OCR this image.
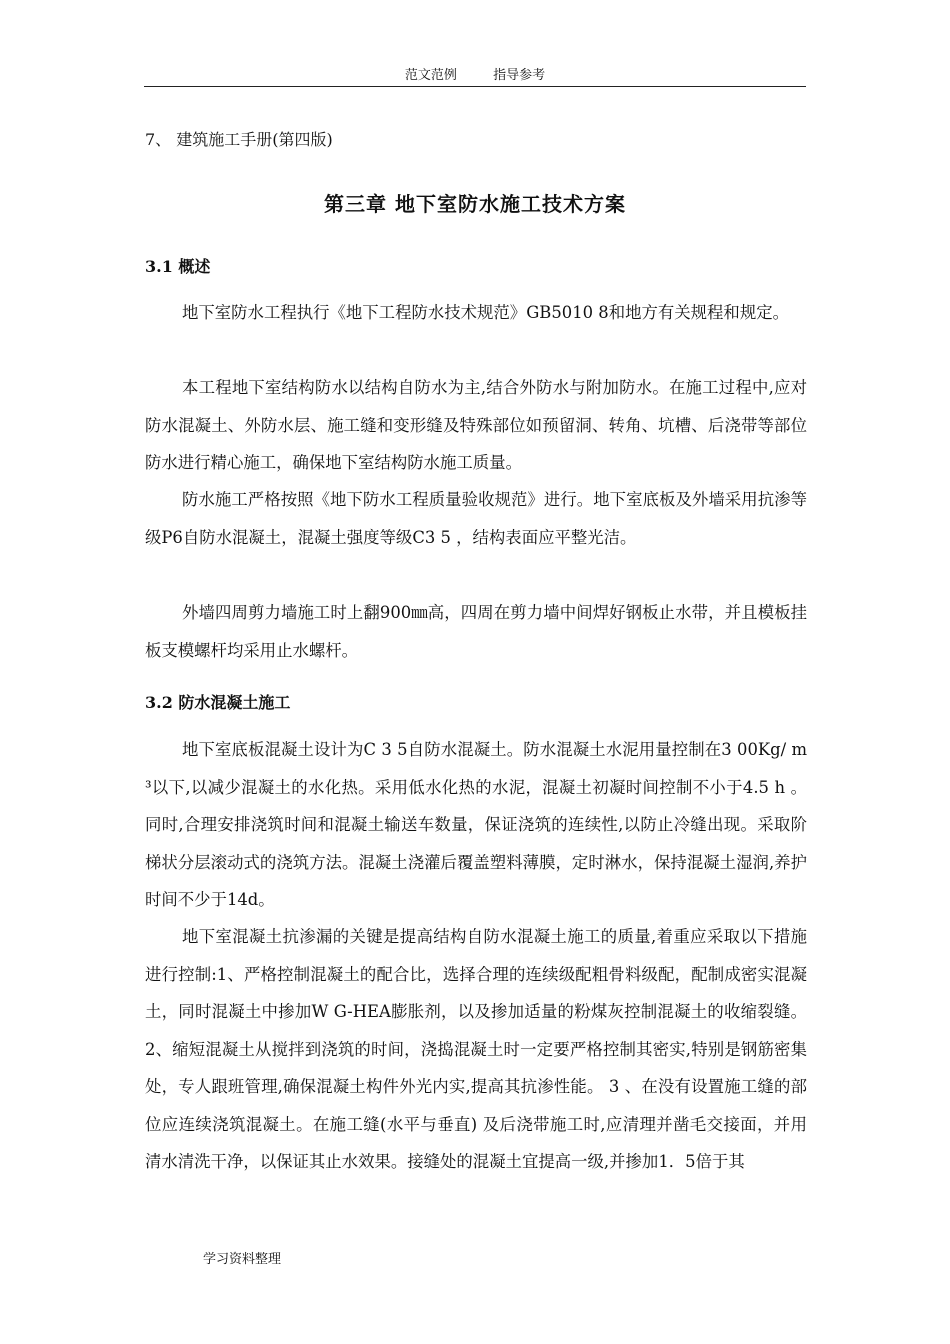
范文范例	指导参考
7、 建筑施工手册(第四版)
第三章 地下室防水施工技术方案
3.1 概述

地下室防水工程执行《地下工程防水技术规范》GB5010 8和地方有关规程和规定。

本工程地下室结构防水以结构自防水为主,结合外防水与附加防水。在施工过程中,应对防水混凝土、外防水层、施工缝和变形缝及特殊部位如预留洞、转角、坑槽、后浇带等部位防水进行精心施工，确保地下室结构防水施工质量。

防水施工严格按照《地下防水工程质量验收规范》进行。地下室底板及外墙采用抗渗等级P6自防水混凝土，混凝土强度等级C3 5 ，结构表面应平整光洁。

外墙四周剪力墙施工时上翻900㎜高，四周在剪力墙中间焊好钢板止水带，并且模板挂板支模螺杆均采用止水螺杆。

3.2 防水混凝土施工

地下室底板混凝土设计为C 3 5自防水混凝土。防水混凝土水泥用量控制在3 00Kg/ m ³以下,以减少混凝土的水化热。采用低水化热的水泥，混凝土初凝时间控制不小于4.5 h 。同时,合理安排浇筑时间和混凝土输送车数量，保证浇筑的连续性,以防止冷缝出现。采取阶梯状分层滚动式的浇筑方法。混凝土浇灌后覆盖塑料薄膜，定时淋水，保持混凝土湿润,养护时间不少于14d。

地下室混凝土抗渗漏的关键是提高结构自防水混凝土施工的质量,着重应采取以下措施进行控制:1、严格控制混凝土的配合比，选择合理的连续级配粗骨料级配，配制成密实混凝土，同时混凝土中掺加W G-HEA膨胀剂，以及掺加适量的粉煤灰控制混凝土的收缩裂缝。2、缩短混凝土从搅拌到浇筑的时间，浇捣混凝土时一定要严格控制其密实,特别是钢筋密集处，专人跟班管理,确保混凝土构件外光内实,提高其抗渗性能。 3 、在没有设置施工缝的部位应连续浇筑混凝土。在施工缝(水平与垂直) 及后浇带施工时,应清理并凿毛交接面，并用清水清洗干净，以保证其止水效果。接缝处的混凝土宜提高一级,并掺加1．5倍于其

学习资料整理
